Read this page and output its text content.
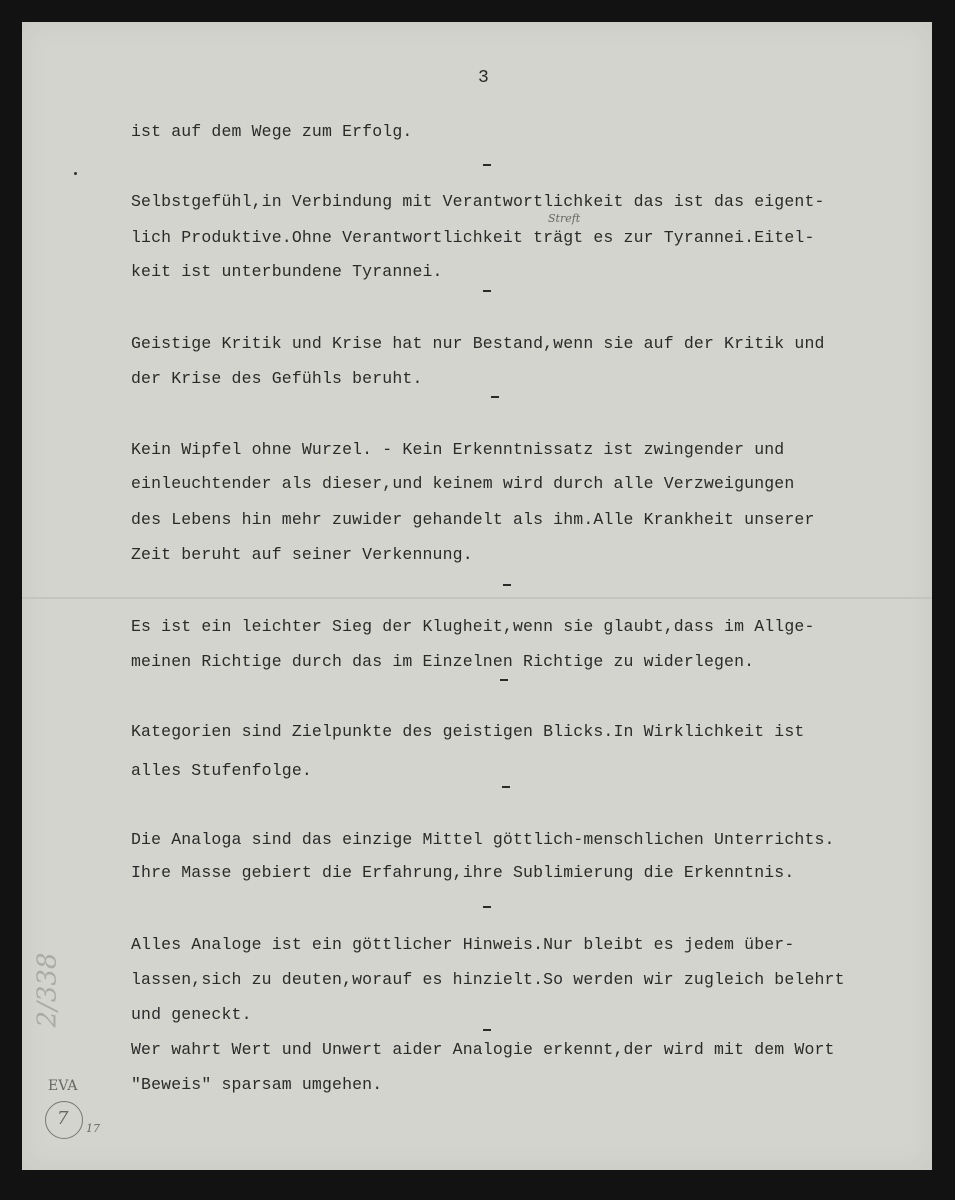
3
ist auf dem Wege zum Erfolg.
Selbstgefühl,in Verbindung mit Verantwortlichkeit das ist das eigent-
lich Produktive.Ohne Verantwortlichkeit trägt es zur Tyrannei.Eitel-
keit ist unterbundene Tyrannei.
Streft
Geistige Kritik und Krise hat nur Bestand,wenn sie auf der Kritik und
der Krise des Gefühls beruht.
Kein Wipfel ohne Wurzel. - Kein Erkenntnissatz ist zwingender und
einleuchtender als dieser,und keinem wird durch alle Verzweigungen
des Lebens hin mehr zuwider gehandelt als ihm.Alle Krankheit unserer
Zeit beruht auf seiner Verkennung.
Es ist ein leichter Sieg der Klugheit,wenn sie glaubt,dass im Allge-
meinen Richtige durch das im Einzelnen Richtige zu widerlegen.
Kategorien sind Zielpunkte des geistigen Blicks.In Wirklichkeit ist
alles Stufenfolge.
Die Analoga sind das einzige Mittel göttlich-menschlichen Unterrichts.
Ihre Masse gebiert die Erfahrung,ihre Sublimierung die Erkenntnis.
Alles Analoge ist ein göttlicher Hinweis.Nur bleibt es jedem über-
lassen,sich zu deuten,worauf es hinzielt.So werden wir zugleich belehrt
und geneckt.
Wer wahrt Wert und Unwert aider Analogie erkennt,der wird mit dem Wort
"Beweis" sparsam umgehen.
2/338
EVA
7 17
